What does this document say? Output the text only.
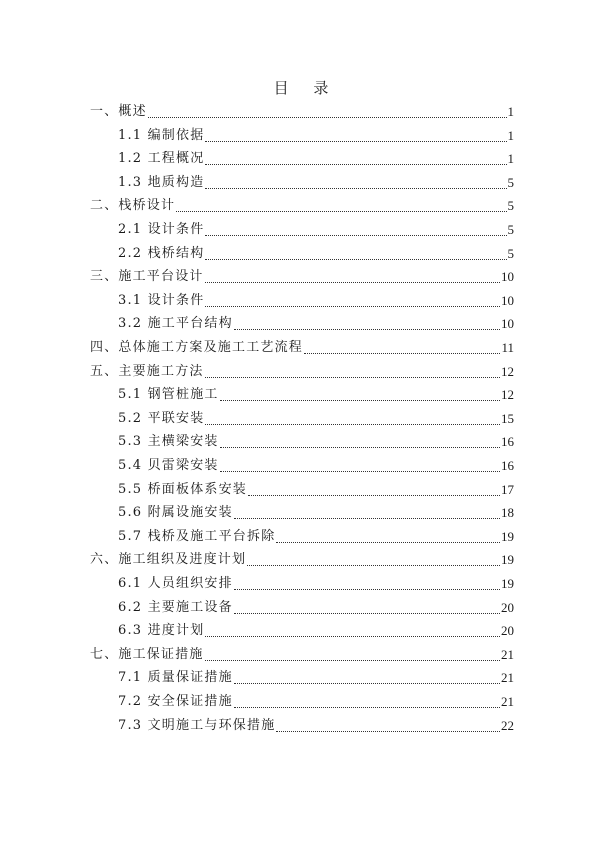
目 录
一、概述	1
1.1 编制依据	1
1.2 工程概况	1
1.3 地质构造	5
二、栈桥设计	5
2.1 设计条件	5
2.2 栈桥结构	5
三、施工平台设计	10
3.1 设计条件	10
3.2 施工平台结构	10
四、总体施工方案及施工工艺流程	11
五、主要施工方法	12
5.1 钢管桩施工	12
5.2 平联安装	15
5.3 主横梁安装	16
5.4 贝雷梁安装	16
5.5 桥面板体系安装	17
5.6 附属设施安装	18
5.7 栈桥及施工平台拆除	19
六、施工组织及进度计划	19
6.1 人员组织安排	19
6.2 主要施工设备	20
6.3 进度计划	20
七、施工保证措施	21
7.1 质量保证措施	21
7.2 安全保证措施	21
7.3 文明施工与环保措施	22
